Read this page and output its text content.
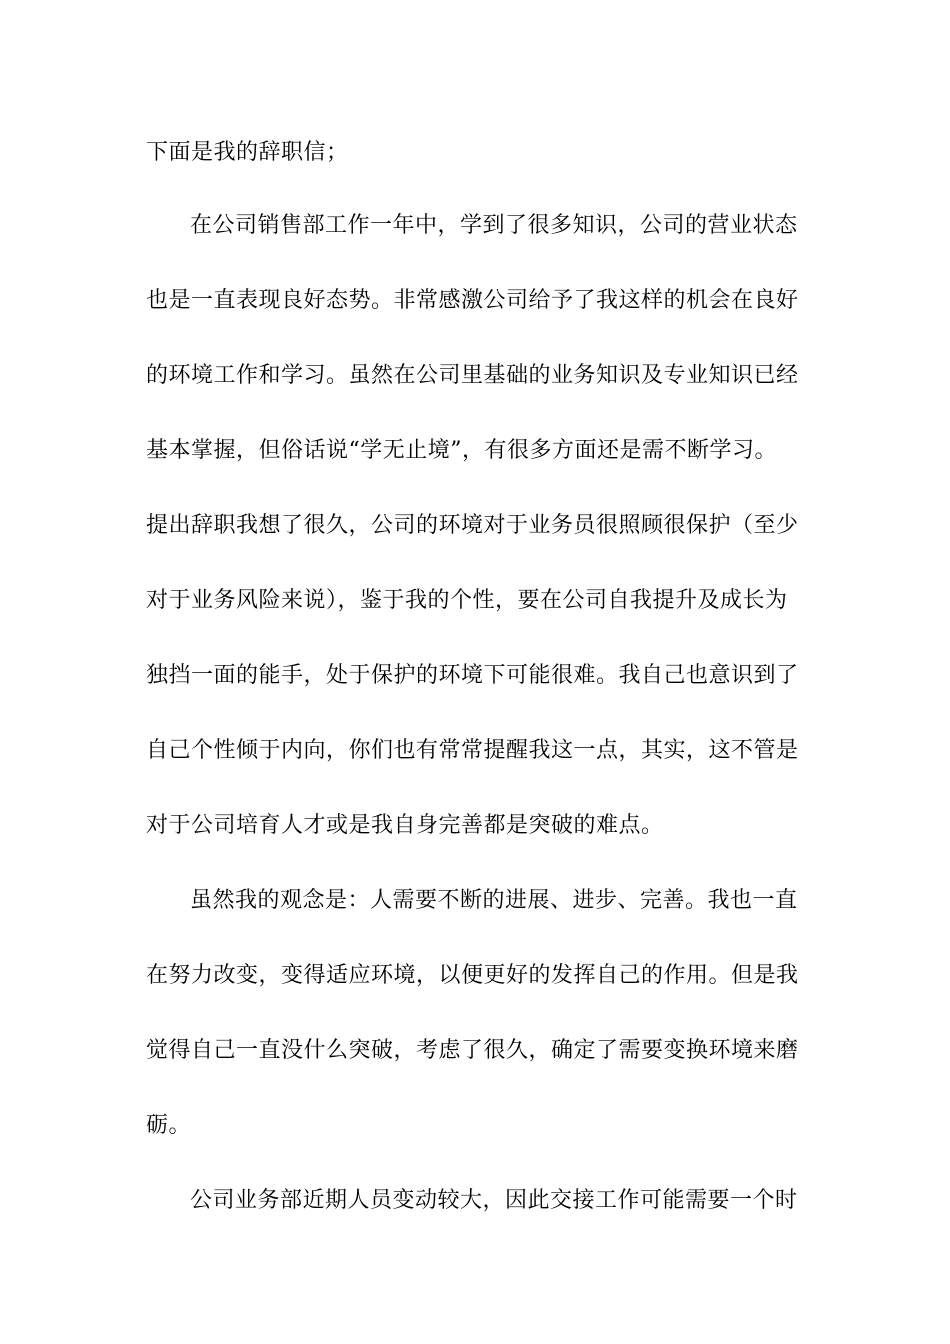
下面是我的辞职信；
在公司销售部工作一年中，学到了很多知识，公司的营业状态
也是一直表现良好态势。非常感激公司给予了我这样的机会在良好
的环境工作和学习。虽然在公司里基础的业务知识及专业知识已经
基本掌握，但俗话说“学无止境”，有很多方面还是需不断学习。
提出辞职我想了很久，公司的环境对于业务员很照顾很保护（至少
对于业务风险来说），鉴于我的个性，要在公司自我提升及成长为
独挡一面的能手，处于保护的环境下可能很难。我自己也意识到了
自己个性倾于内向，你们也有常常提醒我这一点，其实，这不管是
对于公司培育人才或是我自身完善都是突破的难点。
虽然我的观念是：人需要不断的进展、进步、完善。我也一直
在努力改变，变得适应环境，以便更好的发挥自己的作用。但是我
觉得自己一直没什么突破，考虑了很久，确定了需要变换环境来磨
砺。
公司业务部近期人员变动较大，因此交接工作可能需要一个时
